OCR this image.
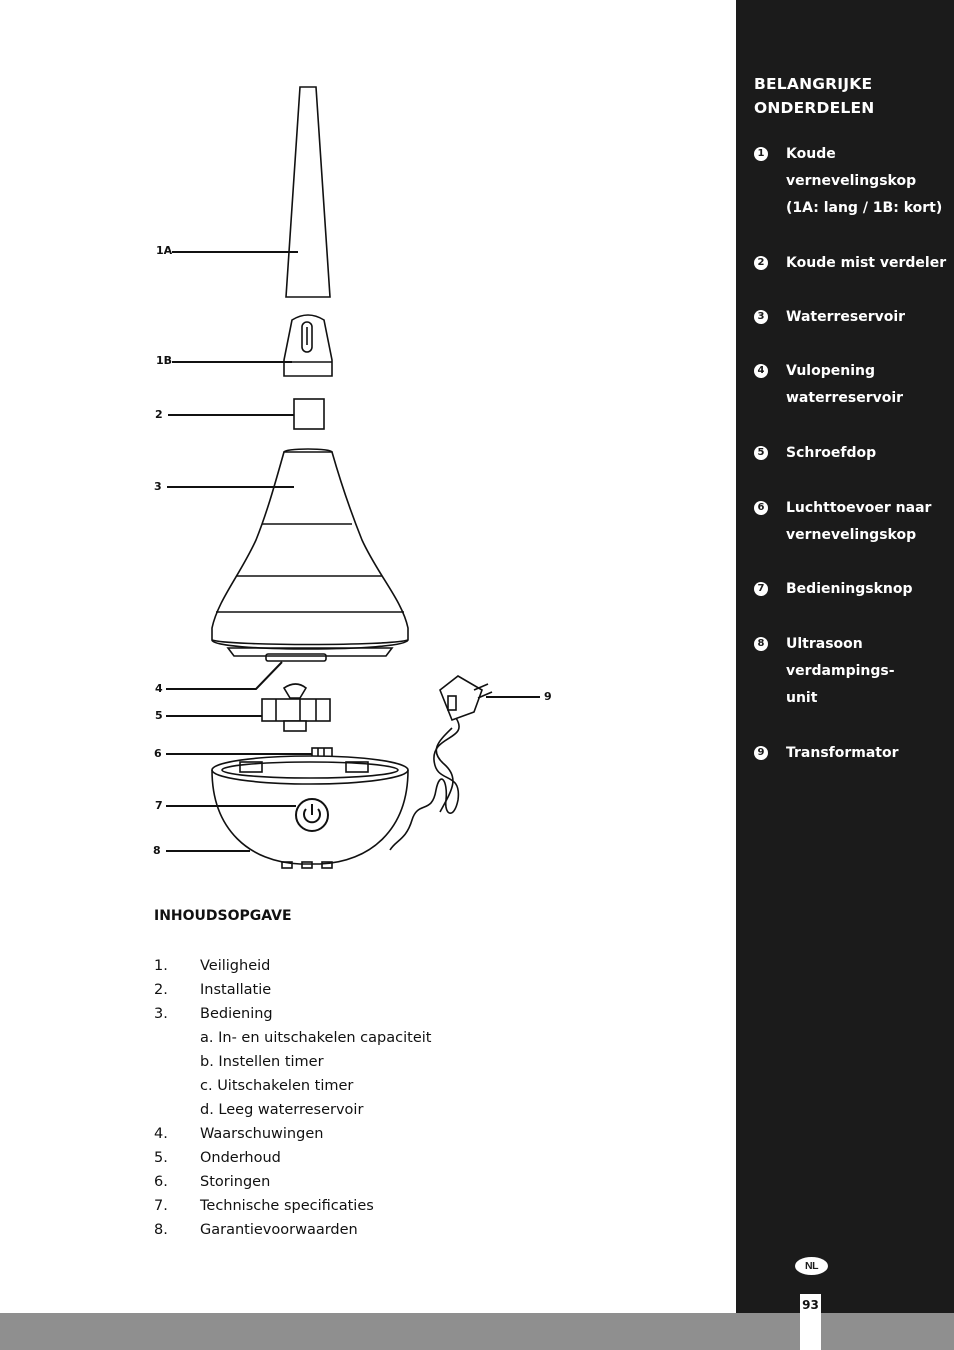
1A
1B
2
3
4
5
6
7
8
9
INHOUDSOPGAVE
1. Veiligheid
2. Installatie
3. Bediening
a. In- en uitschakelen capaciteit
b. Instellen timer
c. Uitschakelen timer
d. Leeg waterreservoir
4. Waarschuwingen
5. Onderhoud
6. Storingen
7. Technische specificaties
8. Garantievoorwaarden
BELANGRIJKE ONDERDELEN
1 Koude vernevelingskop (1A: lang / 1B: kort)
2 Koude mist verdeler
3 Waterreservoir
4 Vulopening waterreservoir
5 Schroefdop
6 Luchttoevoer naar vernevelingskop
7 Bedieningsknop
8 Ultrasoon verdampings-unit
9 Transformator
NL
93
